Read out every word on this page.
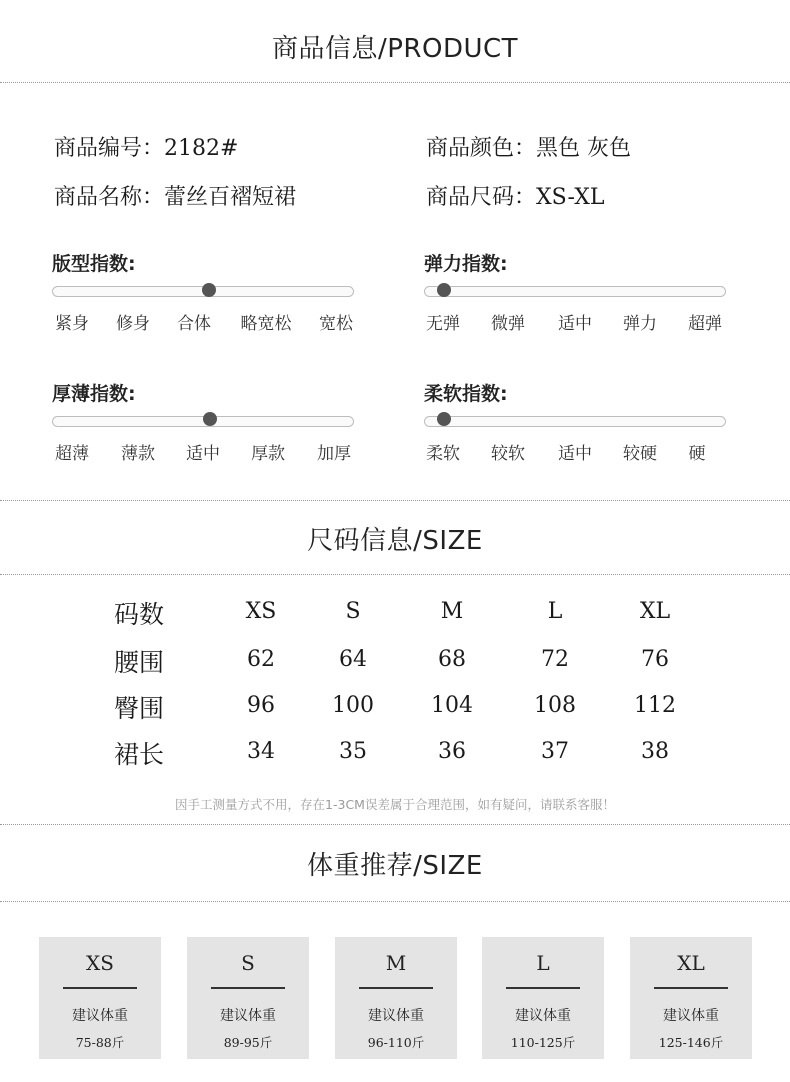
商品信息/PRODUCT
商品编号：2182#	商品颜色：黑色 灰色
商品名称：蕾丝百褶短裙	商品尺码：XS-XL
版型指数:
紧身 修身 合体 略宽松 宽松
弹力指数:
无弹 微弹 适中 弹力 超弹
厚薄指数:
超薄 薄款 适中 厚款 加厚
柔软指数:
柔软 较软 适中 较硬 硬
尺码信息/SIZE
码数	XS	S	M	L	XL
腰围	62	64	68	72	76
臀围	96	100	104	108	112
裙长	34	35	36	37	38
因手工测量方式不用，存在1-3CM误差属于合理范围，如有疑问，请联系客服！
体重推荐/SIZE
XS
建议体重
75-88斤
S
建议体重
89-95斤
M
建议体重
96-110斤
L
建议体重
110-125斤
XL
建议体重
125-146斤
